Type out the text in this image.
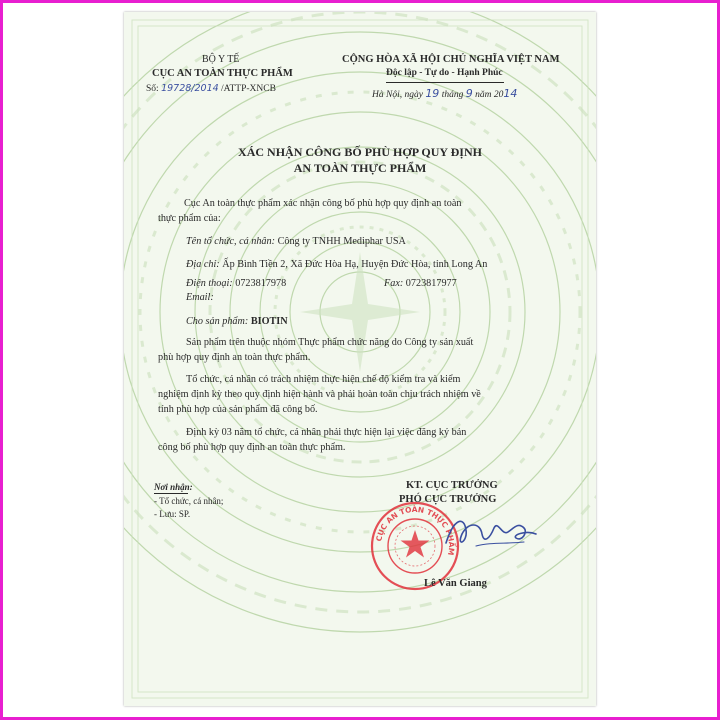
BỘ Y TẾ
CỤC AN TOÀN THỰC PHẨM
Số: 19728/2014 /ATTP-XNCB
CỘNG HÒA XÃ HỘI CHỦ NGHĨA VIỆT NAM
Độc lập - Tự do - Hạnh Phúc
Hà Nội, ngày 19 tháng 9 năm 2014
XÁC NHẬN CÔNG BỐ PHÙ HỢP QUY ĐỊNH
AN TOÀN THỰC PHẨM
Cục An toàn thực phẩm xác nhận công bố phù hợp quy định an toàn
thực phẩm của:
Tên tổ chức, cá nhân: Công ty TNHH Mediphar USA
Địa chỉ: Ấp Bình Tiền 2, Xã Đức Hòa Hạ, Huyện Đức Hòa, tỉnh Long An
Điện thoại: 0723817978	Fax: 0723817977
Email:
Cho sản phẩm: BIOTIN
Sản phẩm trên thuộc nhóm Thực phẩm chức năng do Công ty sản xuất
phù hợp quy định an toàn thực phẩm.
Tổ chức, cá nhân có trách nhiệm thực hiện chế độ kiểm tra và kiểm
nghiệm định kỳ theo quy định hiện hành và phải hoàn toàn chịu trách nhiệm về
tính phù hợp của sản phẩm đã công bố.
Định kỳ 03 năm tổ chức, cá nhân phải thực hiện lại việc đăng ký bản
công bố phù hợp quy định an toàn thực phẩm.
Nơi nhận:
- Tổ chức, cá nhân;
- Lưu: SP.
KT. CỤC TRƯỞNG
PHÓ CỤC TRƯỞNG
CỤC AN TOÀN THỰC PHẨM
Lê Văn Giang
